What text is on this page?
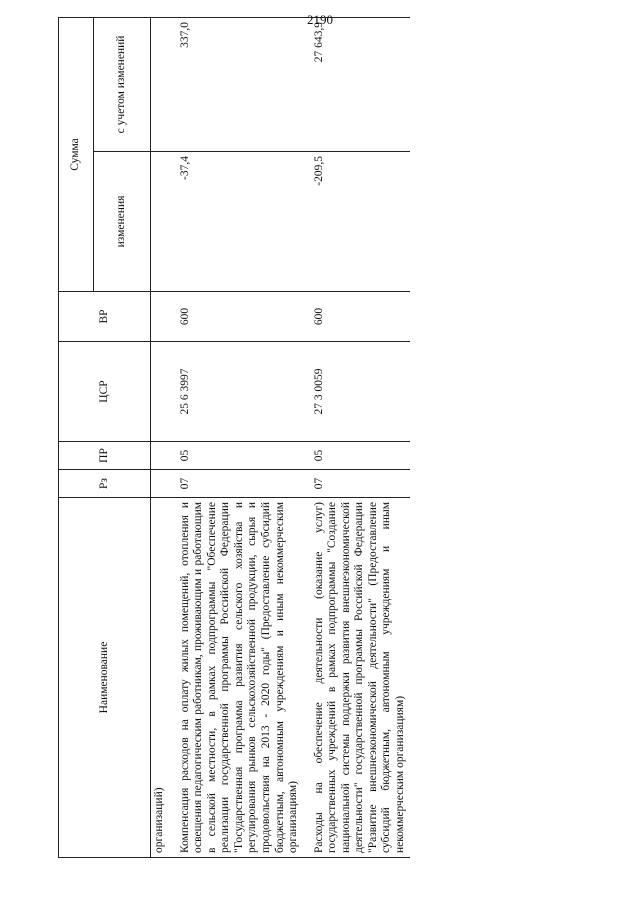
2190
Наименование	Рз	ПР	ЦСР	ВР	Сумма	
					изменения	с учетом изменений
организаций)						
Компенсация расходов на оплату жилых помещений, отопления и освещения педагогическим работникам, проживающим и работающим в сельской местности, в рамках подпрограммы "Обеспечение реализации государственной программы Российской Федерации "Государственная программа развития сельского хозяйства и регулирования рынков сельскохозяйственной продукции, сырья и продовольствия на 2013 - 2020 годы" (Предоставление субсидий бюджетным, автономным учреждениям и иным некоммерческим организациям)	07	05	25 6 3997	600	-37,4	337,0
Расходы на обеспечение деятельности (оказание услуг) государственных учреждений в рамках подпрограммы "Создание национальной системы поддержки развития внешнеэкономической деятельности" государственной программы Российской Федерации "Развитие внешнеэкономической деятельности" (Предоставление субсидий бюджетным, автономным учреждениям и иным некоммерческим организациям)	07	05	27 3 0059	600	-209,5	27 643,9
